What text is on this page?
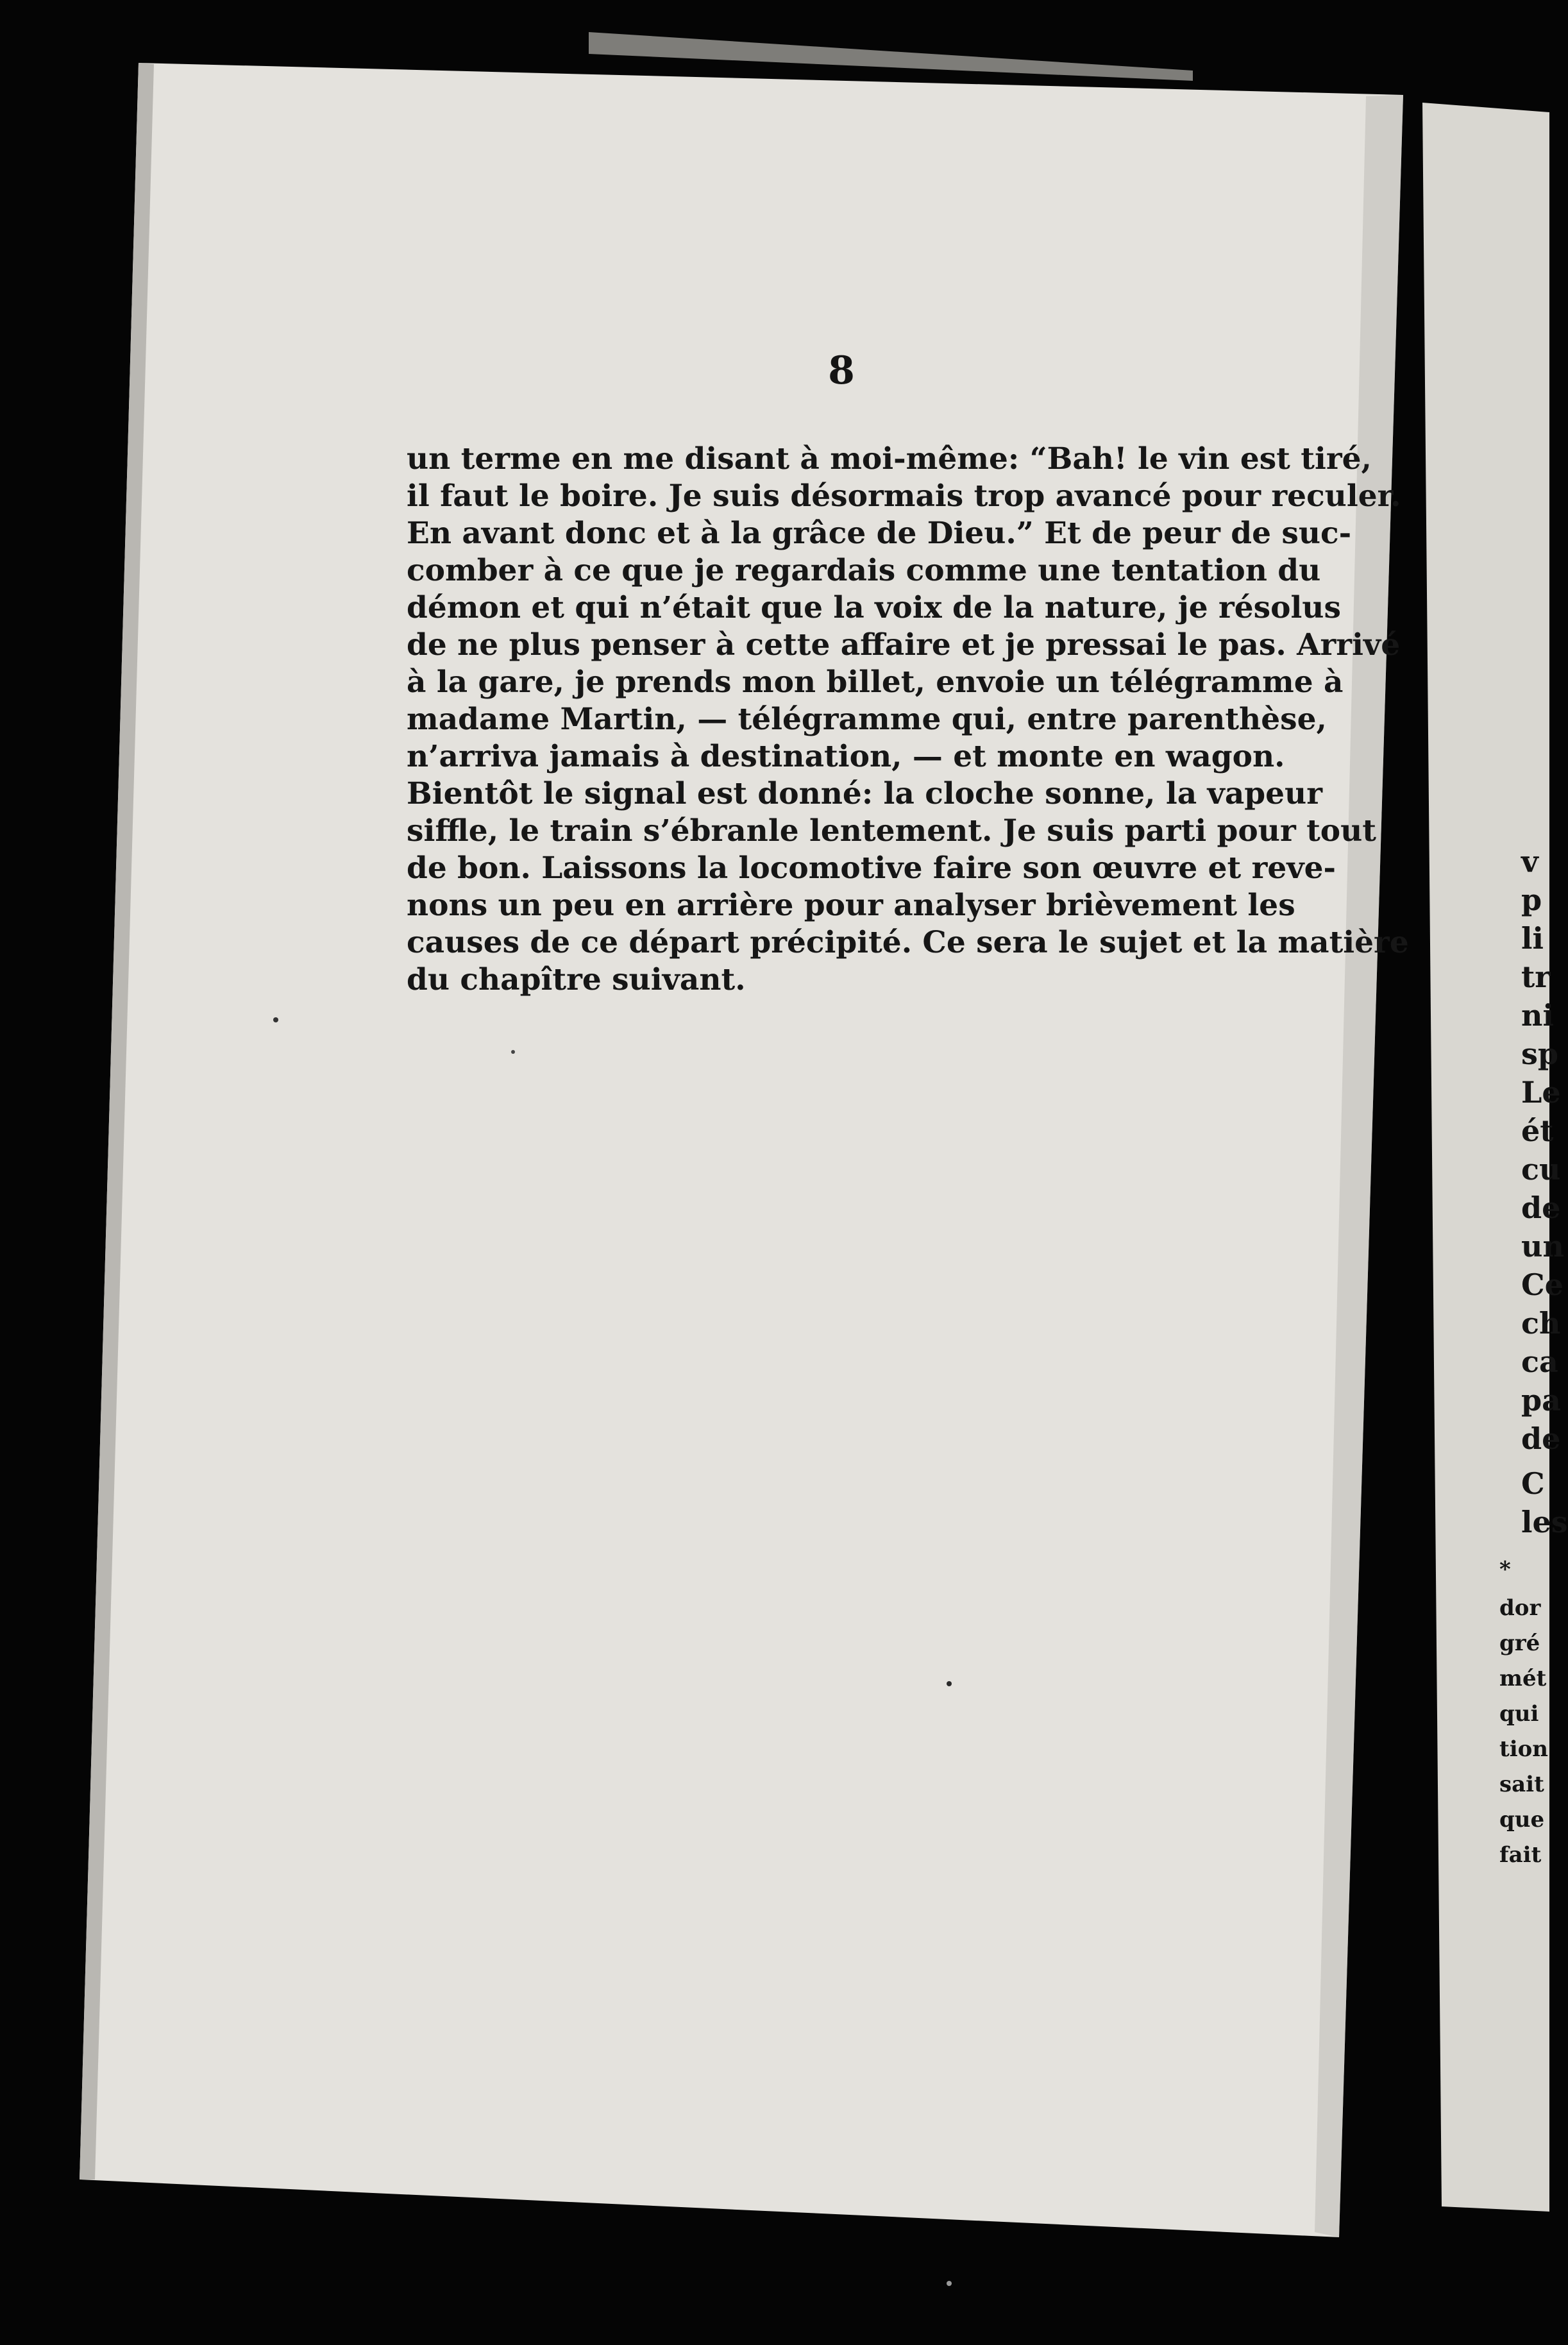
8

un terme en me disant à moi-même: “Bah! le vin est tiré,

il faut le boire. Je suis désormais trop avancé pour reculer.

En avant donc et à la grâce de Dieu.” Et de peur de suc-

comber à ce que je regardais comme une tentation du

démon et qui n’était que la voix de la nature, je résolus

de ne plus penser à cette affaire et je pressai le pas. Arrivé

à la gare, je prends mon billet, envoie un télégramme à

madame Martin, — télégramme qui, entre parenthèse,

n’arriva jamais à destination, — et monte en wagon.

Bientôt le signal est donné: la cloche sonne, la vapeur

siffle, le train s’ébranle lentement. Je suis parti pour tout

de bon. Laissons la locomotive faire son œuvre et reve-

nons un peu en arrière pour analyser brièvement les

causes de ce départ précipité. Ce sera le sujet et la matière

du chapître suivant.

v

p

li

tr

ni

sp

Le

ét

cu

de

un

Ce

ch

ca

pa

de

C

les

*

dor

gré

mét

qui

tion

sait

que

fait
